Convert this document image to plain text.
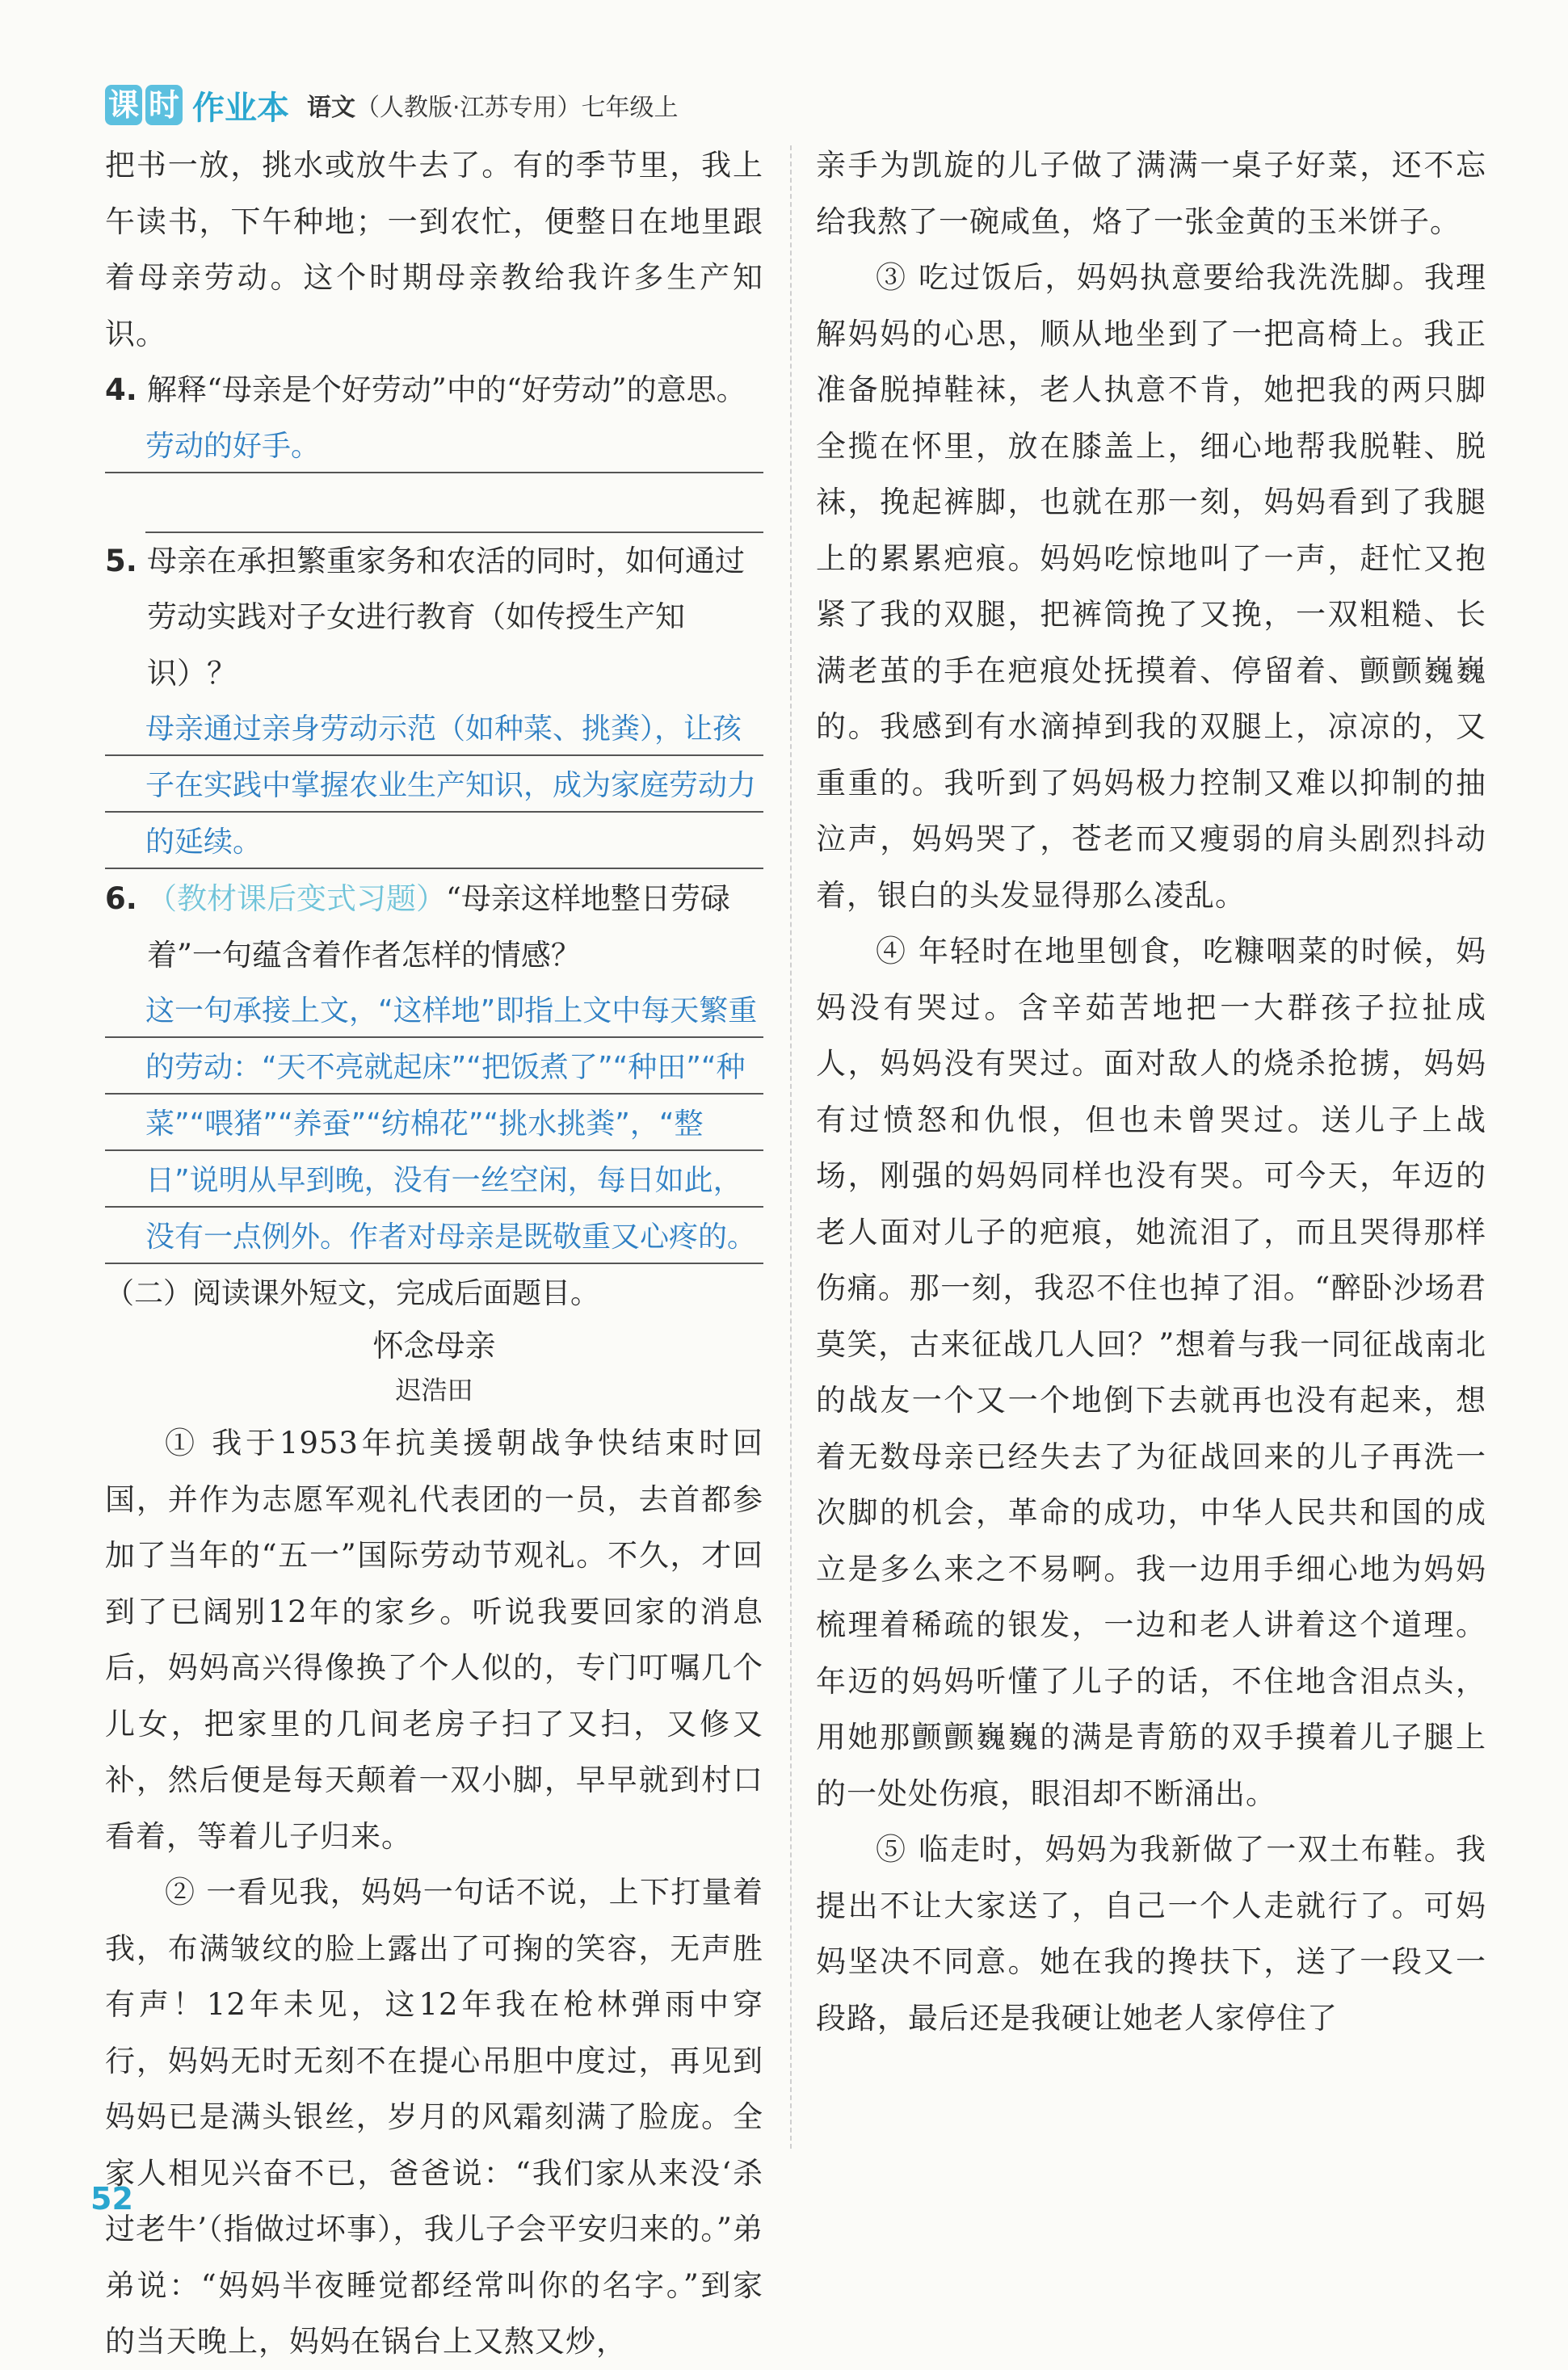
课 时 作业本 语文（人教版·江苏专用）七年级上

把书一放，挑水或放牛去了。有的季节里，我上午读书，下午种地；一到农忙，便整日在地里跟着母亲劳动。这个时期母亲教给我许多生产知识。

4. 解释“母亲是个好劳动”中的“好劳动”的意思。

劳动的好手。

5. 母亲在承担繁重家务和农活的同时，如何通过劳动实践对子女进行教育（如传授生产知识）？

母亲通过亲身劳动示范（如种菜、挑粪），让孩子在实践中掌握农业生产知识，成为家庭劳动力的延续。

6. （教材课后变式习题）“母亲这样地整日劳碌着”一句蕴含着作者怎样的情感？

这一句承接上文，“这样地”即指上文中每天繁重的劳动：“天不亮就起床”“把饭煮了”“种田”“种菜”“喂猪”“养蚕”“纺棉花”“挑水挑粪”，“整日”说明从早到晚，没有一丝空闲，每日如此，没有一点例外。作者对母亲是既敬重又心疼的。

（二）阅读课外短文，完成后面题目。

怀念母亲

迟浩田

① 我于1953年抗美援朝战争快结束时回国，并作为志愿军观礼代表团的一员，去首都参加了当年的“五一”国际劳动节观礼。不久，才回到了已阔别12年的家乡。听说我要回家的消息后，妈妈高兴得像换了个人似的，专门叮嘱几个儿女，把家里的几间老房子扫了又扫，又修又补，然后便是每天颠着一双小脚，早早就到村口看着，等着儿子归来。

② 一看见我，妈妈一句话不说，上下打量着我，布满皱纹的脸上露出了可掬的笑容，无声胜有声！12年未见，这12年我在枪林弹雨中穿行，妈妈无时无刻不在提心吊胆中度过，再见到妈妈已是满头银丝，岁月的风霜刻满了脸庞。全家人相见兴奋不已，爸爸说：“我们家从来没‘杀过老牛’（指做过坏事），我儿子会平安归来的。”弟弟说：“妈妈半夜睡觉都经常叫你的名字。”到家的当天晚上，妈妈在锅台上又熬又炒，

亲手为凯旋的儿子做了满满一桌子好菜，还不忘给我熬了一碗咸鱼，烙了一张金黄的玉米饼子。

③ 吃过饭后，妈妈执意要给我洗洗脚。我理解妈妈的心思，顺从地坐到了一把高椅上。我正准备脱掉鞋袜，老人执意不肯，她把我的两只脚全揽在怀里，放在膝盖上，细心地帮我脱鞋、脱袜，挽起裤脚，也就在那一刻，妈妈看到了我腿上的累累疤痕。妈妈吃惊地叫了一声，赶忙又抱紧了我的双腿，把裤筒挽了又挽，一双粗糙、长满老茧的手在疤痕处抚摸着、停留着、颤颤巍巍的。我感到有水滴掉到我的双腿上，凉凉的，又重重的。我听到了妈妈极力控制又难以抑制的抽泣声，妈妈哭了，苍老而又瘦弱的肩头剧烈抖动着，银白的头发显得那么凌乱。

④ 年轻时在地里刨食，吃糠咽菜的时候，妈妈没有哭过。含辛茹苦地把一大群孩子拉扯成人，妈妈没有哭过。面对敌人的烧杀抢掳，妈妈有过愤怒和仇恨，但也未曾哭过。送儿子上战场，刚强的妈妈同样也没有哭。可今天，年迈的老人面对儿子的疤痕，她流泪了，而且哭得那样伤痛。那一刻，我忍不住也掉了泪。“醉卧沙场君莫笑，古来征战几人回？”想着与我一同征战南北的战友一个又一个地倒下去就再也没有起来，想着无数母亲已经失去了为征战回来的儿子再洗一次脚的机会，革命的成功，中华人民共和国的成立是多么来之不易啊。我一边用手细心地为妈妈梳理着稀疏的银发，一边和老人讲着这个道理。年迈的妈妈听懂了儿子的话，不住地含泪点头，用她那颤颤巍巍的满是青筋的双手摸着儿子腿上的一处处伤痕，眼泪却不断涌出。

⑤ 临走时，妈妈为我新做了一双土布鞋。我提出不让大家送了，自己一个人走就行了。可妈妈坚决不同意。她在我的搀扶下，送了一段又一段路，最后还是我硬让她老人家停住了

52
